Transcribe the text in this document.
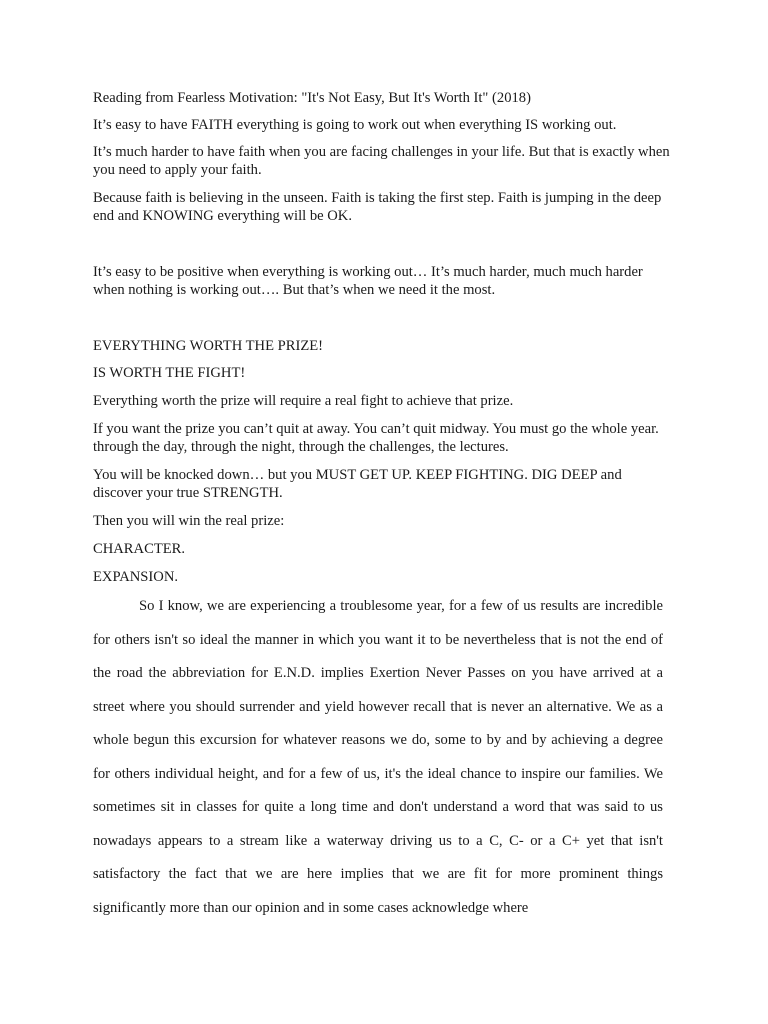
Reading from Fearless Motivation: "It's Not Easy, But It's Worth It" (2018)

It’s easy to have FAITH everything is going to work out when everything IS working out.

It’s much harder to have faith when you are facing challenges in your life. But that is exactly when you need to apply your faith.

Because faith is believing in the unseen. Faith is taking the first step. Faith is jumping in the deep end and KNOWING everything will be OK.

It’s easy to be positive when everything is working out… It’s much harder, much much harder when nothing is working out…. But that’s when we need it the most.

EVERYTHING WORTH THE PRIZE!

IS WORTH THE FIGHT!

Everything worth the prize will require a real fight to achieve that prize.

If you want the prize you can’t quit at away. You can’t quit midway. You must go the whole year. through the day, through the night, through the challenges, the lectures.

You will be knocked down… but you MUST GET UP. KEEP FIGHTING. DIG DEEP and discover your true STRENGTH.

Then you will win the real prize:

CHARACTER.

EXPANSION.

So I know, we are experiencing a troublesome year, for a few of us results are incredible for others isn't so ideal the manner in which you want it to be nevertheless that is not the end of the road the abbreviation for E.N.D. implies Exertion Never Passes on you have arrived at a street where you should surrender and yield however recall that is never an alternative. We as a whole begun this excursion for whatever reasons we do, some to by and by achieving a degree for others individual height, and for a few of us, it's the ideal chance to inspire our families. We sometimes sit in classes for quite a long time and don't understand a word that was said to us nowadays appears to a stream like a waterway driving us to a C, C- or a C+ yet that isn't satisfactory the fact that we are here implies that we are fit for more prominent things significantly more than our opinion and in some cases acknowledge where
